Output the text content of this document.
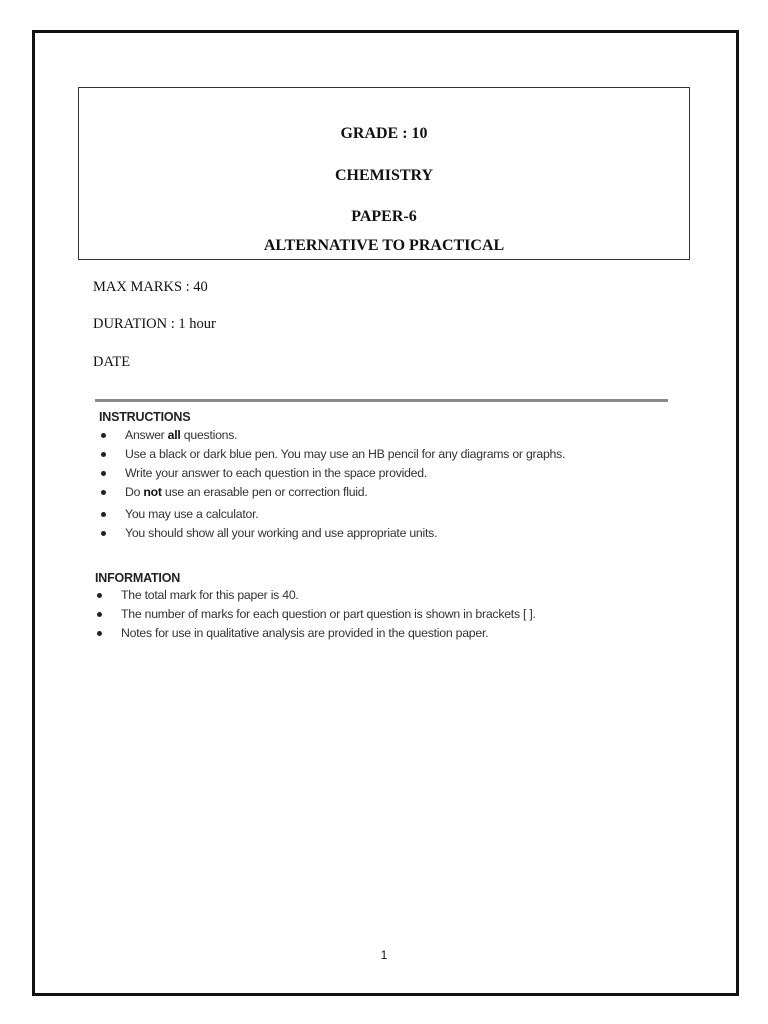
GRADE : 10
CHEMISTRY
PAPER-6
ALTERNATIVE TO PRACTICAL
MAX MARKS : 40
DURATION : 1 hour
DATE
INSTRUCTIONS
Answer all questions.
Use a black or dark blue pen. You may use an HB pencil for any diagrams or graphs.
Write your answer to each question in the space provided.
Do not use an erasable pen or correction fluid.
You may use a calculator.
You should show all your working and use appropriate units.
INFORMATION
The total mark for this paper is 40.
The number of marks for each question or part question is shown in brackets [ ].
Notes for use in qualitative analysis are provided in the question paper.
1
